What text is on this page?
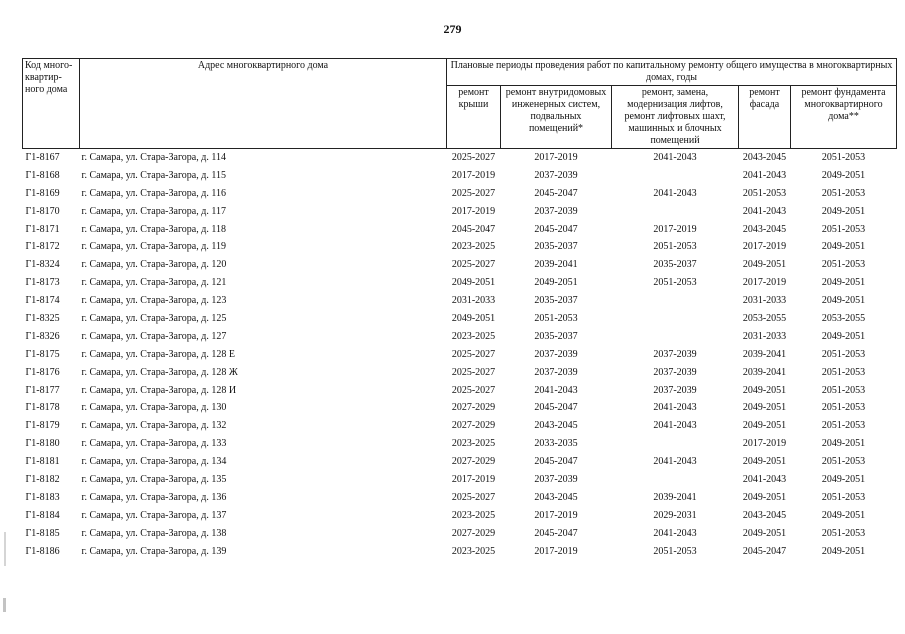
279
Код много-квартир-ного дома	Адрес многоквартирного дома	Плановые периоды проведения работ по капитальному ремонту общего имущества в многоквартирных домах, годы				
		ремонт крыши	ремонт внутридомовых инженерных систем, подвальных помещений*	ремонт, замена, модернизация лифтов, ремонт лифтовых шахт, машинных и блочных помещений	ремонт фасада	ремонт фундамента многоквартирного дома**
Г1-8167	г. Самара, ул. Стара-Загора, д. 114	2025-2027	2017-2019	2041-2043	2043-2045	2051-2053
Г1-8168	г. Самара, ул. Стара-Загора, д. 115	2017-2019	2037-2039		2041-2043	2049-2051
Г1-8169	г. Самара, ул. Стара-Загора, д. 116	2025-2027	2045-2047	2041-2043	2051-2053	2051-2053
Г1-8170	г. Самара, ул. Стара-Загора, д. 117	2017-2019	2037-2039		2041-2043	2049-2051
Г1-8171	г. Самара, ул. Стара-Загора, д. 118	2045-2047	2045-2047	2017-2019	2043-2045	2051-2053
Г1-8172	г. Самара, ул. Стара-Загора, д. 119	2023-2025	2035-2037	2051-2053	2017-2019	2049-2051
Г1-8324	г. Самара, ул. Стара-Загора, д. 120	2025-2027	2039-2041	2035-2037	2049-2051	2051-2053
Г1-8173	г. Самара, ул. Стара-Загора, д. 121	2049-2051	2049-2051	2051-2053	2017-2019	2049-2051
Г1-8174	г. Самара, ул. Стара-Загора, д. 123	2031-2033	2035-2037		2031-2033	2049-2051
Г1-8325	г. Самара, ул. Стара-Загора, д. 125	2049-2051	2051-2053		2053-2055	2053-2055
Г1-8326	г. Самара, ул. Стара-Загора, д. 127	2023-2025	2035-2037		2031-2033	2049-2051
Г1-8175	г. Самара, ул. Стара-Загора, д. 128 Е	2025-2027	2037-2039	2037-2039	2039-2041	2051-2053
Г1-8176	г. Самара, ул. Стара-Загора, д. 128 Ж	2025-2027	2037-2039	2037-2039	2039-2041	2051-2053
Г1-8177	г. Самара, ул. Стара-Загора, д. 128 И	2025-2027	2041-2043	2037-2039	2049-2051	2051-2053
Г1-8178	г. Самара, ул. Стара-Загора, д. 130	2027-2029	2045-2047	2041-2043	2049-2051	2051-2053
Г1-8179	г. Самара, ул. Стара-Загора, д. 132	2027-2029	2043-2045	2041-2043	2049-2051	2051-2053
Г1-8180	г. Самара, ул. Стара-Загора, д. 133	2023-2025	2033-2035		2017-2019	2049-2051
Г1-8181	г. Самара, ул. Стара-Загора, д. 134	2027-2029	2045-2047	2041-2043	2049-2051	2051-2053
Г1-8182	г. Самара, ул. Стара-Загора, д. 135	2017-2019	2037-2039		2041-2043	2049-2051
Г1-8183	г. Самара, ул. Стара-Загора, д. 136	2025-2027	2043-2045	2039-2041	2049-2051	2051-2053
Г1-8184	г. Самара, ул. Стара-Загора, д. 137	2023-2025	2017-2019	2029-2031	2043-2045	2049-2051
Г1-8185	г. Самара, ул. Стара-Загора, д. 138	2027-2029	2045-2047	2041-2043	2049-2051	2051-2053
Г1-8186	г. Самара, ул. Стара-Загора, д. 139	2023-2025	2017-2019	2051-2053	2045-2047	2049-2051
